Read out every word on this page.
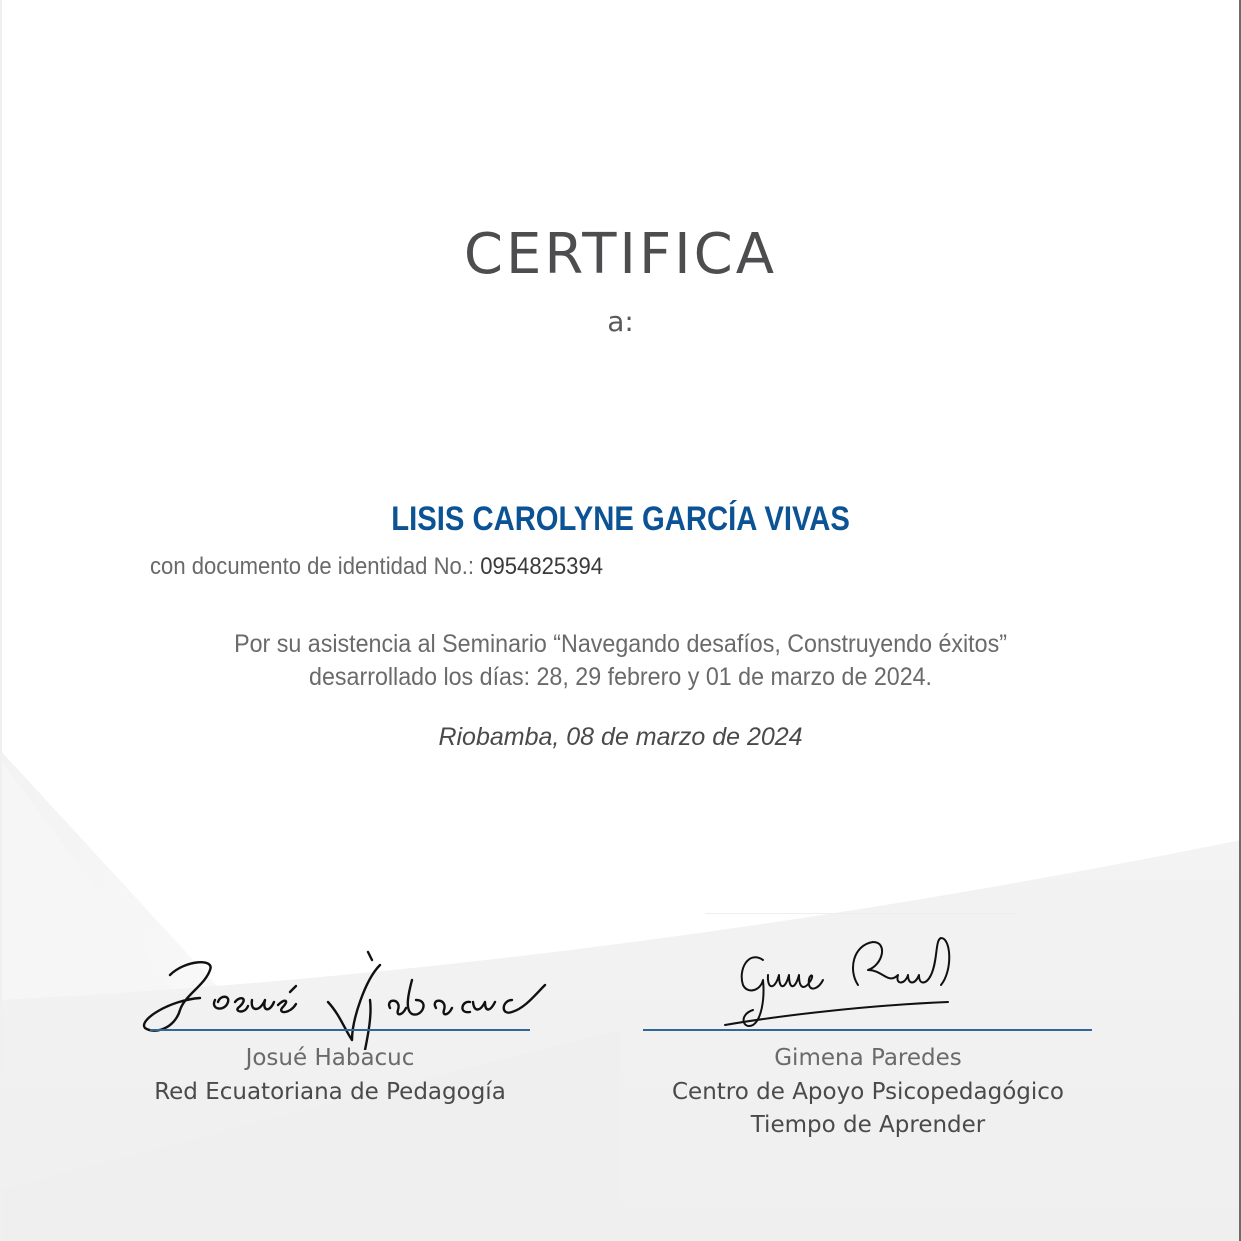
CERTIFICA
a:
LISIS CAROLYNE GARCÍA VIVAS
con documento de identidad No.: 0954825394
Por su asistencia al Seminario “Navegando desafíos, Construyendo éxitos”
desarrollado los días: 28, 29 febrero y 01 de marzo de 2024.
Riobamba, 08 de marzo de 2024
Josué Habacuc
Red Ecuatoriana de Pedagogía
Gimena Paredes
Centro de Apoyo Psicopedagógico
Tiempo de Aprender
